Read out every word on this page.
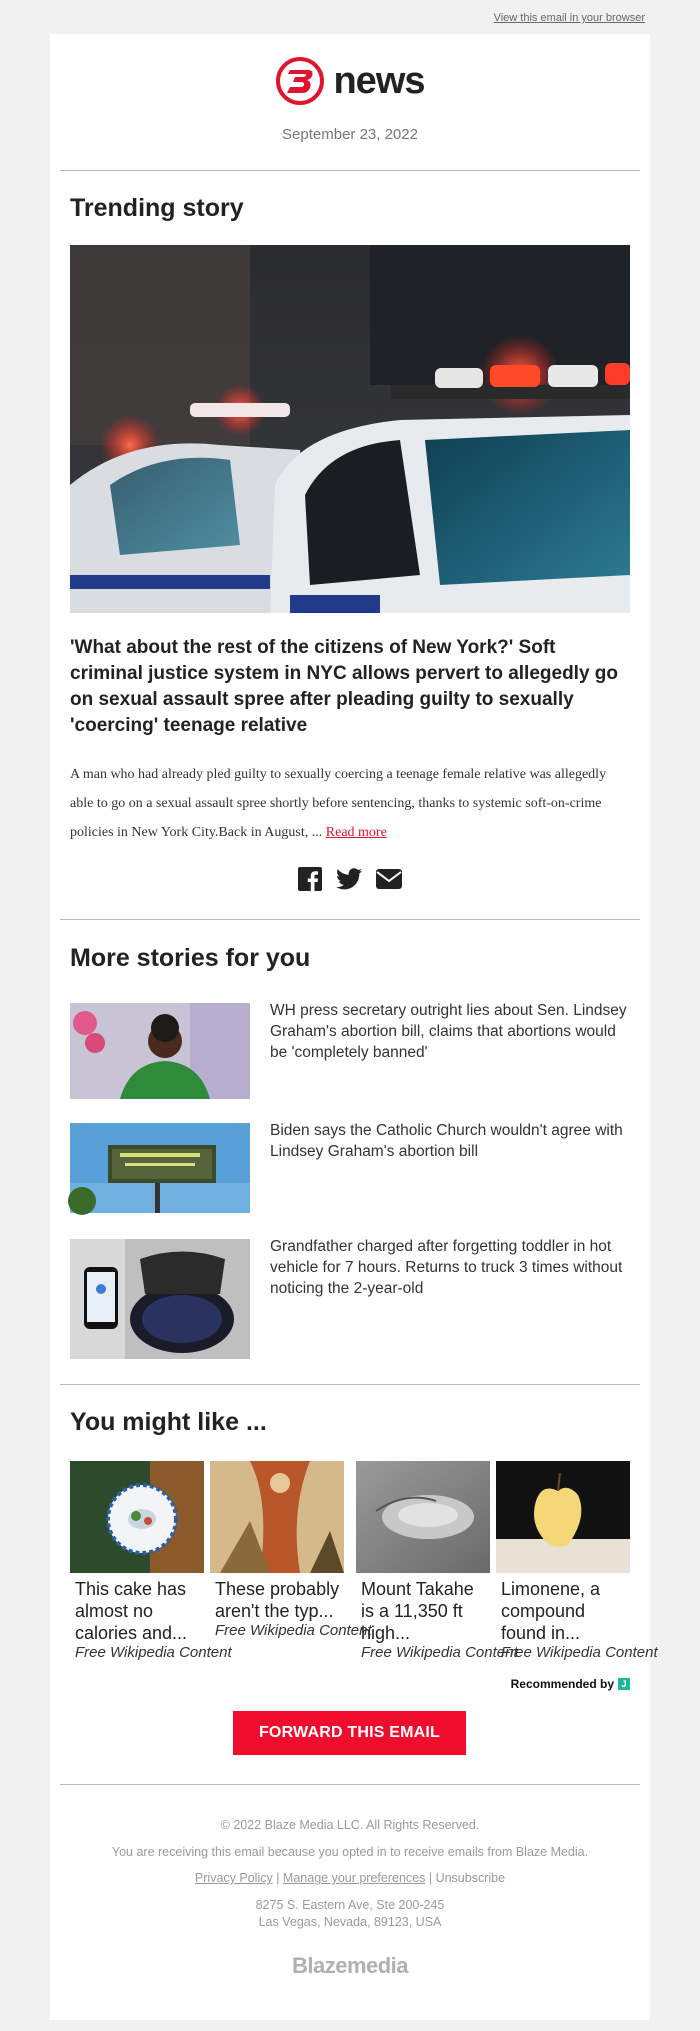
View this email in your browser
news
September 23, 2022
Trending story
'What about the rest of the citizens of New York?' Soft criminal justice system in NYC allows pervert to allegedly go on sexual assault spree after pleading guilty to sexually 'coercing' teenage relative
A man who had already pled guilty to sexually coercing a teenage female relative was allegedly able to go on a sexual assault spree shortly before sentencing, thanks to systemic soft-on-crime policies in New York City.Back in August, ... Read more

More stories for you
WH press secretary outright lies about Sen. Lindsey Graham's abortion bill, claims that abortions would be 'completely banned'
Biden says the Catholic Church wouldn't agree with Lindsey Graham's abortion bill
Grandfather charged after forgetting toddler in hot vehicle for 7 hours. Returns to truck 3 times without noticing the 2-year-old
You might like ...
This cake has almost no calories and...
Free Wikipedia Content
These probably aren't the typ...
Free Wikipedia Content
Mount Takahe is a 11,350 ft high...
Free Wikipedia Content
Limonene, a compound found in...
Free Wikipedia Content
Recommended by J
FORWARD THIS EMAIL
© 2022 Blaze Media LLC. All Rights Reserved.
You are receiving this email because you opted in to receive emails from Blaze Media.
Privacy Policy | Manage your preferences | Unsubscribe
8275 S. Eastern Ave, Ste 200-245
Las Vegas, Nevada, 89123, USA
Blazemedia
